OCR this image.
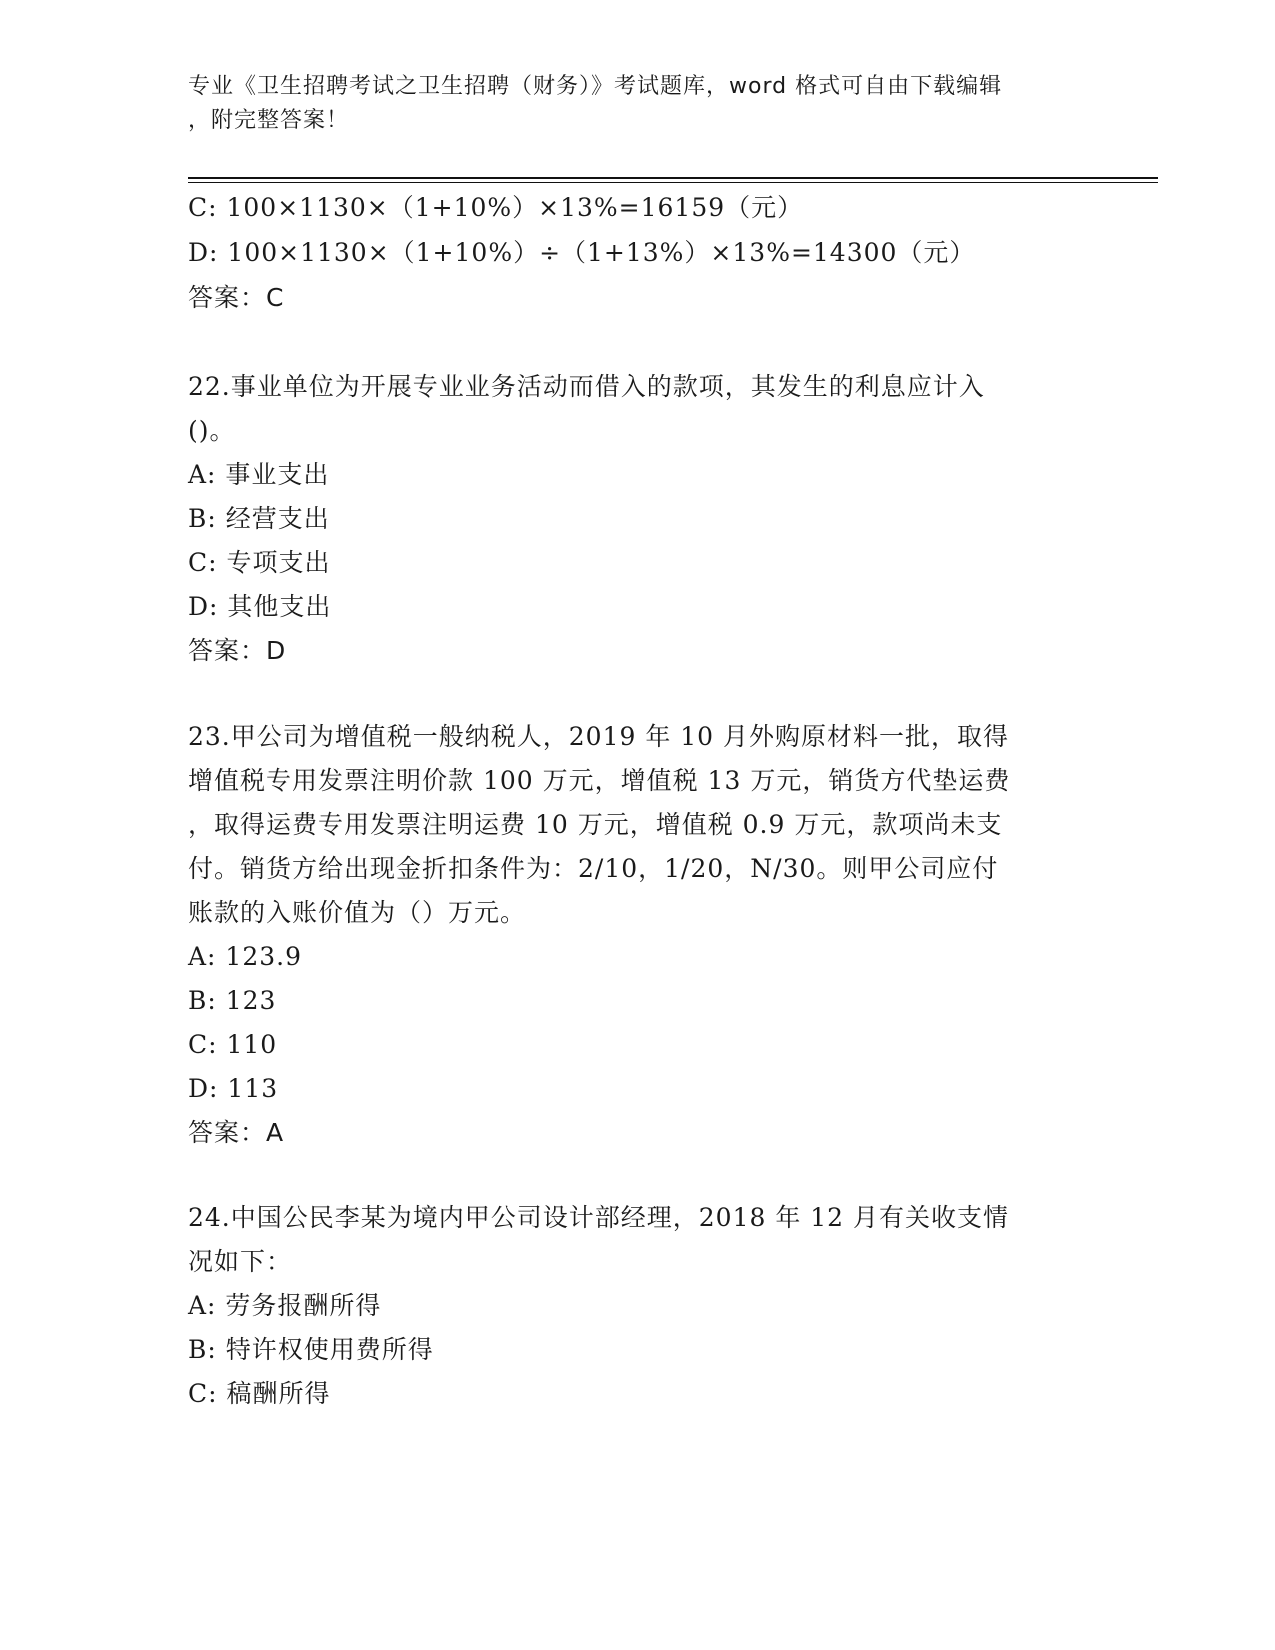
专业《卫生招聘考试之卫生招聘（财务）》考试题库，word 格式可自由下载编辑
，附完整答案！
C: 100×1130×（1+10%）×13%=16159（元）
D: 100×1130×（1+10%）÷（1+13%）×13%=14300（元）
答案：C
22.事业单位为开展专业业务活动而借入的款项，其发生的利息应计入
()。
A: 事业支出
B: 经营支出
C: 专项支出
D: 其他支出
答案：D
23.甲公司为增值税一般纳税人，2019 年 10 月外购原材料一批，取得
增值税专用发票注明价款 100 万元，增值税 13 万元，销货方代垫运费
，取得运费专用发票注明运费 10 万元，增值税 0.9 万元，款项尚未支
付。销货方给出现金折扣条件为：2/10，1/20，N/30。则甲公司应付
账款的入账价值为（）万元。
A: 123.9
B: 123
C: 110
D: 113
答案：A
24.中国公民李某为境内甲公司设计部经理，2018 年 12 月有关收支情
况如下：
A: 劳务报酬所得
B: 特许权使用费所得
C: 稿酬所得
